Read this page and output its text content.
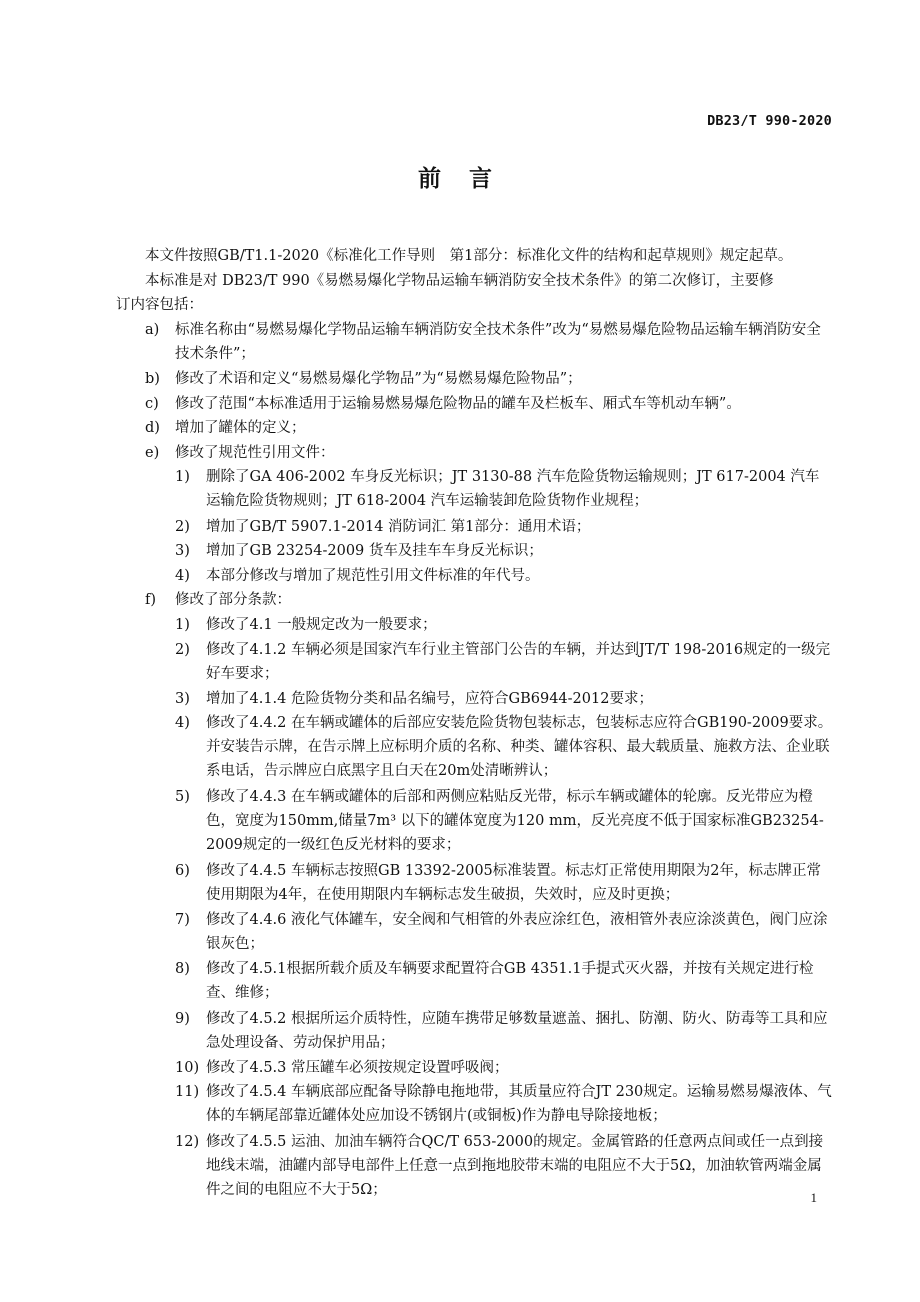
DB23/T 990-2020
前 言
本文件按照GB/T1.1-2020《标准化工作导则　第1部分：标准化文件的结构和起草规则》规定起草。
本标准是对 DB23/T 990《易燃易爆化学物品运输车辆消防安全技术条件》的第二次修订，主要修
订内容包括：
a) 标准名称由“易燃易爆化学物品运输车辆消防安全技术条件”改为“易燃易爆危险物品运输车辆消防安全技术条件”；
b) 修改了术语和定义“易燃易爆化学物品”为“易燃易爆危险物品”；
c) 修改了范围“本标准适用于运输易燃易爆危险物品的罐车及栏板车、厢式车等机动车辆”。
d) 增加了罐体的定义；
e) 修改了规范性引用文件：
1) 删除了GA 406-2002 车身反光标识；JT 3130-88 汽车危险货物运输规则；JT 617-2004 汽车运输危险货物规则；JT 618-2004 汽车运输装卸危险货物作业规程；
2) 增加了GB/T 5907.1-2014 消防词汇 第1部分：通用术语；
3) 增加了GB 23254-2009 货车及挂车车身反光标识；
4) 本部分修改与增加了规范性引用文件标准的年代号。
f) 修改了部分条款：
1) 修改了4.1 一般规定改为一般要求；
2) 修改了4.1.2 车辆必须是国家汽车行业主管部门公告的车辆，并达到JT/T 198-2016规定的一级完好车要求；
3) 增加了4.1.4 危险货物分类和品名编号，应符合GB6944-2012要求；
4) 修改了4.4.2 在车辆或罐体的后部应安装危险货物包装标志，包装标志应符合GB190-2009要求。并安装告示牌，在告示牌上应标明介质的名称、种类、罐体容积、最大载质量、施救方法、企业联系电话，告示牌应白底黑字且白天在20m处清晰辨认；
5) 修改了4.4.3 在车辆或罐体的后部和两侧应粘贴反光带，标示车辆或罐体的轮廓。反光带应为橙色，宽度为150mm,储量7m³ 以下的罐体宽度为120 mm，反光亮度不低于国家标准GB23254-2009规定的一级红色反光材料的要求；
6) 修改了4.4.5 车辆标志按照GB 13392-2005标准装置。标志灯正常使用期限为2年，标志牌正常使用期限为4年，在使用期限内车辆标志发生破损，失效时，应及时更换；
7) 修改了4.4.6 液化气体罐车，安全阀和气相管的外表应涂红色，液相管外表应涂淡黄色，阀门应涂银灰色；
8) 修改了4.5.1根据所载介质及车辆要求配置符合GB 4351.1手提式灭火器，并按有关规定进行检查、维修；
9) 修改了4.5.2 根据所运介质特性，应随车携带足够数量遮盖、捆扎、防潮、防火、防毒等工具和应急处理设备、劳动保护用品；
10) 修改了4.5.3 常压罐车必须按规定设置呼吸阀；
11) 修改了4.5.4 车辆底部应配备导除静电拖地带，其质量应符合JT 230规定。运输易燃易爆液体、气体的车辆尾部靠近罐体处应加设不锈钢片(或铜板)作为静电导除接地板；
12) 修改了4.5.5 运油、加油车辆符合QC/T 653-2000的规定。金属管路的任意两点间或任一点到接地线末端，油罐内部导电部件上任意一点到拖地胶带末端的电阻应不大于5Ω，加油软管两端金属件之间的电阻应不大于5Ω；	1
